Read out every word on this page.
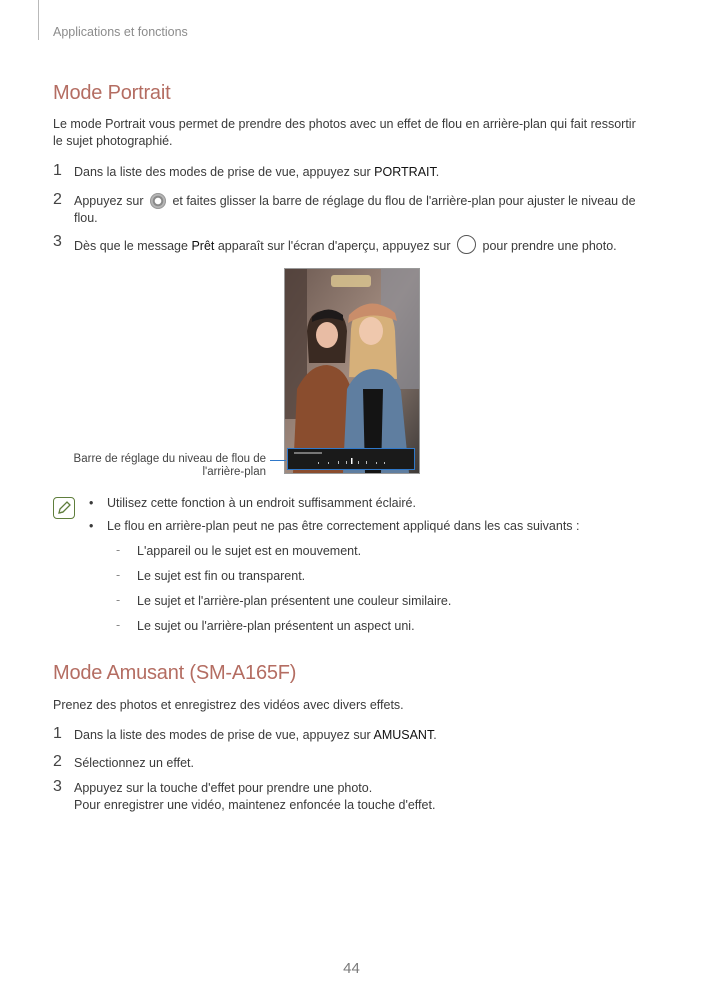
Applications et fonctions
Mode Portrait
Le mode Portrait vous permet de prendre des photos avec un effet de flou en arrière-plan qui fait ressortir le sujet photographié.
1 Dans la liste des modes de prise de vue, appuyez sur PORTRAIT.
2 Appuyez sur  et faites glisser la barre de réglage du flou de l'arrière-plan pour ajuster le niveau de flou.
3 Dès que le message Prêt apparaît sur l'écran d'aperçu, appuyez sur  pour prendre une photo.
Barre de réglage du niveau de flou de l'arrière-plan
• Utilisez cette fonction à un endroit suffisamment éclairé.
• Le flou en arrière-plan peut ne pas être correctement appliqué dans les cas suivants :
- L'appareil ou le sujet est en mouvement.
- Le sujet est fin ou transparent.
- Le sujet et l'arrière-plan présentent une couleur similaire.
- Le sujet ou l'arrière-plan présentent un aspect uni.
Mode Amusant (SM-A165F)
Prenez des photos et enregistrez des vidéos avec divers effets.
1 Dans la liste des modes de prise de vue, appuyez sur AMUSANT.
2 Sélectionnez un effet.
3 Appuyez sur la touche d'effet pour prendre une photo.
Pour enregistrer une vidéo, maintenez enfoncée la touche d'effet.
44
